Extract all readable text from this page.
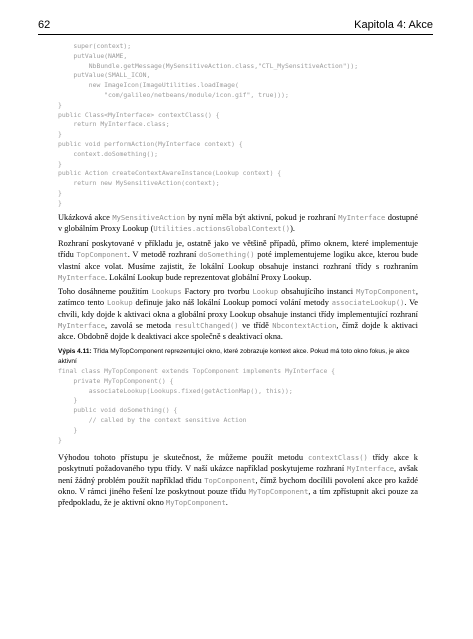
62	Kapitola 4: Akce
super(context);
putValue(NAME,
NbBundle.getMessage(MySensitiveAction.class,"CTL_MySensitiveAction"));
putValue(SMALL_ICON,
new ImageIcon(ImageUtilities.loadImage(
"com/galileo/netbeans/module/icon.gif", true)));
}
public Class<MyInterface> contextClass() {
return MyInterface.class;
}
public void performAction(MyInterface context) {
context.doSomething();
}
public Action createContextAwareInstance(Lookup context) {
return new MySensitiveAction(context);
}
}

Ukázková akce MySensitiveAction by nyní měla být aktivní, pokud je rozhraní MyInterface dostupné v globálním Proxy Lookup (Utilities.actionsGlobalContext()).

Rozhraní poskytované v příkladu je, ostatně jako ve většině případů, přímo oknem, které implementuje třídu TopComponent. V metodě rozhraní doSomething() poté implementujeme logiku akce, kterou bude vlastní akce volat. Musíme zajistit, že lokální Lookup obsahuje instanci rozhraní třídy s rozhraním MyInterface. Lokální Lookup bude reprezentovat globální Proxy Lookup.

Toho dosáhneme použitím Lookups Factory pro tvorbu Lookup obsahujícího instanci MyTopComponent, zatímco tento Lookup definuje jako náš lokální Lookup pomocí volání metody associateLookup(). Ve chvíli, kdy dojde k aktivaci okna a globální proxy Lookup obsahuje instanci třídy implementující rozhraní MyInterface, zavolá se metoda resultChanged() ve třídě NbcontextAction, čímž dojde k aktivaci akce. Obdobně dojde k deaktivaci akce společně s deaktivací okna.

Výpis 4.11: Třída MyTopComponent reprezentující okno, které zobrazuje kontext akce. Pokud má toto okno fokus, je akce aktivní

final class MyTopComponent extends TopComponent implements MyInterface {
private MyTopComponent() {
associateLookup(Lookups.fixed(getActionMap(), this));
}
public void doSomething() {
// called by the context sensitive Action
}
}

Výhodou tohoto přístupu je skutečnost, že můžeme použít metodu contextClass() třídy akce k poskytnutí požadovaného typu třídy. V naší ukázce například poskytujeme rozhraní MyInterface, avšak není žádný problém použít například třídu TopComponent, čímž bychom docílili povolení akce pro každé okno. V rámci jiného řešení lze poskytnout pouze třídu MyTopComponent, a tím zpřístupnit akci pouze za předpokladu, že je aktivní okno MyTopComponent.
